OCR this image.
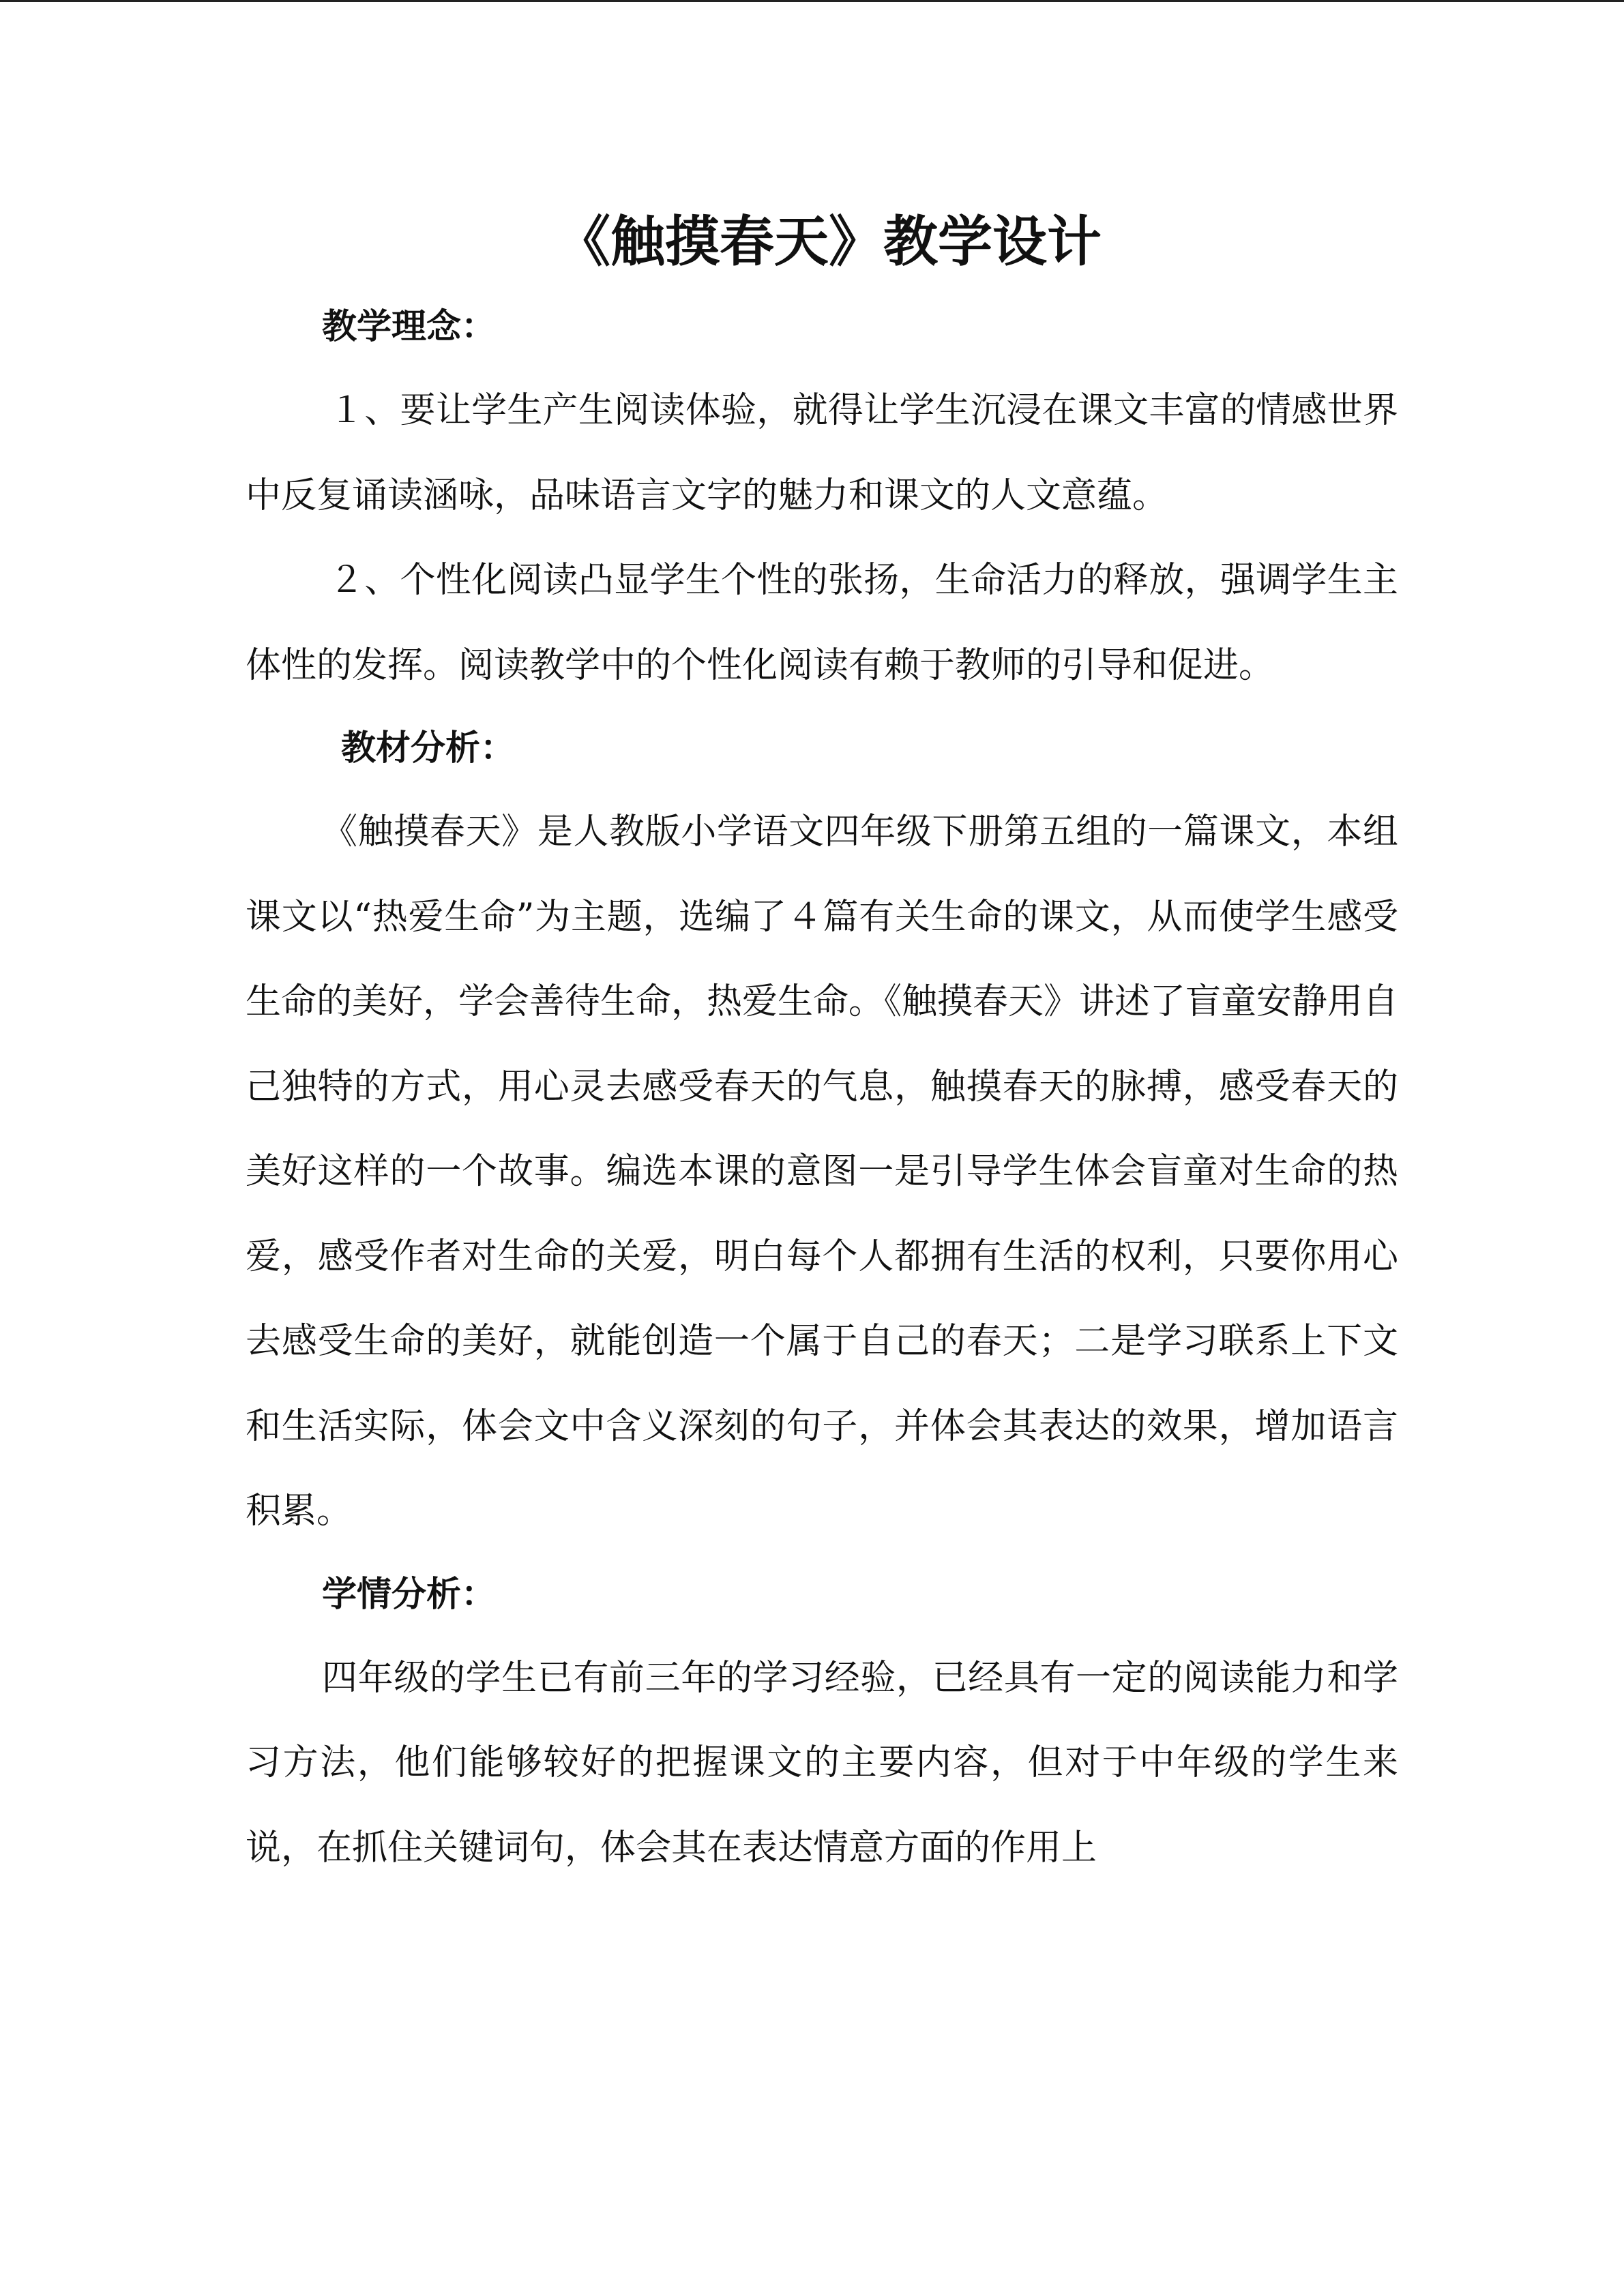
《触摸春天》教学设计
教学理念：

１、要让学生产生阅读体验，就得让学生沉浸在课文丰富的情感世界中反复诵读涵咏，品味语言文字的魅力和课文的人文意蕴。

２、个性化阅读凸显学生个性的张扬，生命活力的释放，强调学生主体性的发挥。阅读教学中的个性化阅读有赖于教师的引导和促进。

教材分析：

《触摸春天》是人教版小学语文四年级下册第五组的一篇课文，本组课文以“热爱生命”为主题，选编了４篇有关生命的课文，从而使学生感受生命的美好，学会善待生命，热爱生命。《触摸春天》讲述了盲童安静用自己独特的方式，用心灵去感受春天的气息，触摸春天的脉搏，感受春天的美好这样的一个故事。编选本课的意图一是引导学生体会盲童对生命的热爱，感受作者对生命的关爱，明白每个人都拥有生活的权利，只要你用心去感受生命的美好，就能创造一个属于自己的春天；二是学习联系上下文和生活实际，体会文中含义深刻的句子，并体会其表达的效果，增加语言积累。

学情分析：

四年级的学生已有前三年的学习经验，已经具有一定的阅读能力和学习方法，他们能够较好的把握课文的主要内容，但对于中年级的学生来说，在抓住关键词句，体会其在表达情意方面的作用上
